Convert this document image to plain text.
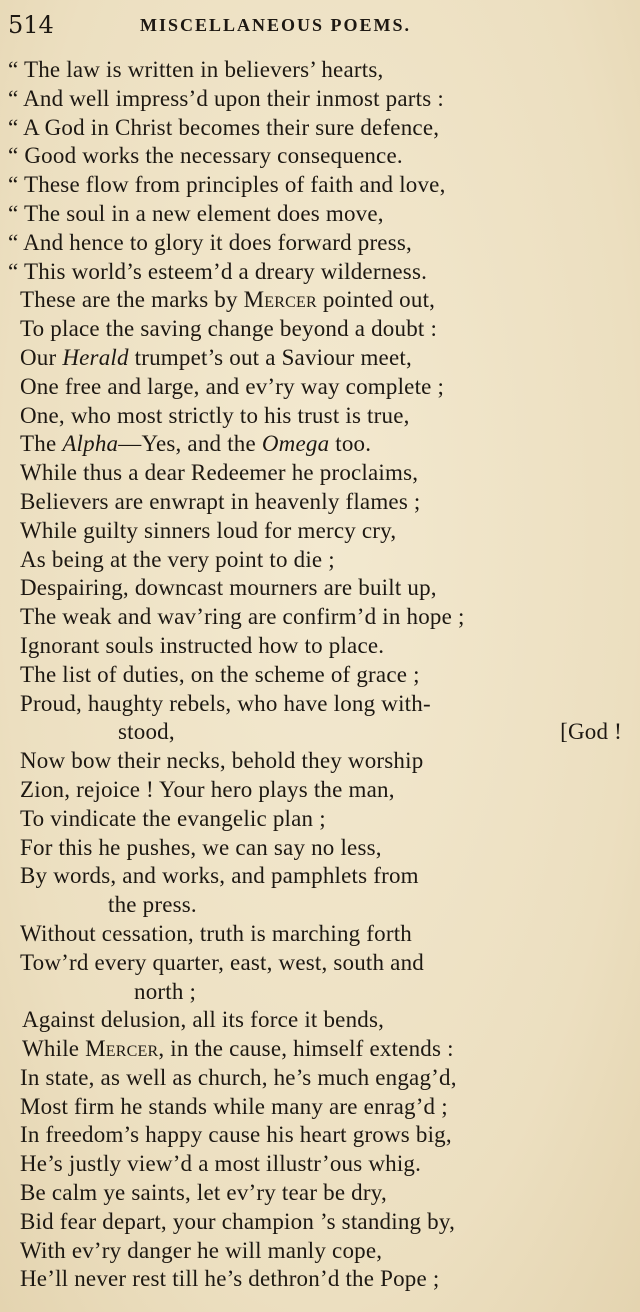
514	MISCELLANEOUS POEMS.
“ The law is written in believers’ hearts,
“ And well impress’d upon their inmost parts :
“ A God in Christ becomes their sure defence,
“ Good works the necessary consequence.
“ These flow from principles of faith and love,
“ The soul in a new element does move,
“ And hence to glory it does forward press,
“ This world’s esteem’d a dreary wilderness.
These are the marks by Mercer pointed out,
To place the saving change beyond a doubt :
Our Herald trumpet’s out a Saviour meet,
One free and large, and ev’ry way complete ;
One, who most strictly to his trust is true,
The Alpha—Yes, and the Omega too.
While thus a dear Redeemer he proclaims,
Believers are enwrapt in heavenly flames ;
While guilty sinners loud for mercy cry,
As being at the very point to die ;
Despairing, downcast mourners are built up,
The weak and wav’ring are confirm’d in hope ;
Ignorant souls instructed how to place.
The list of duties, on the scheme of grace ;
Proud, haughty rebels, who have long with-
stood,	[God !
Now bow their necks, behold they worship
Zion, rejoice ! Your hero plays the man,
To vindicate the evangelic plan ;
For this he pushes, we can say no less,
By words, and works, and pamphlets from
the press.
Without cessation, truth is marching forth
Tow’rd every quarter, east, west, south and
north ;
Against delusion, all its force it bends,
While Mercer, in the cause, himself extends :
In state, as well as church, he’s much engag’d,
Most firm he stands while many are enrag’d ;
In freedom’s happy cause his heart grows big,
He’s justly view’d a most illustr’ous whig.
Be calm ye saints, let ev’ry tear be dry,
Bid fear depart, your champion ’s standing by,
With ev’ry danger he will manly cope,
He’ll never rest till he’s dethron’d the Pope ;
